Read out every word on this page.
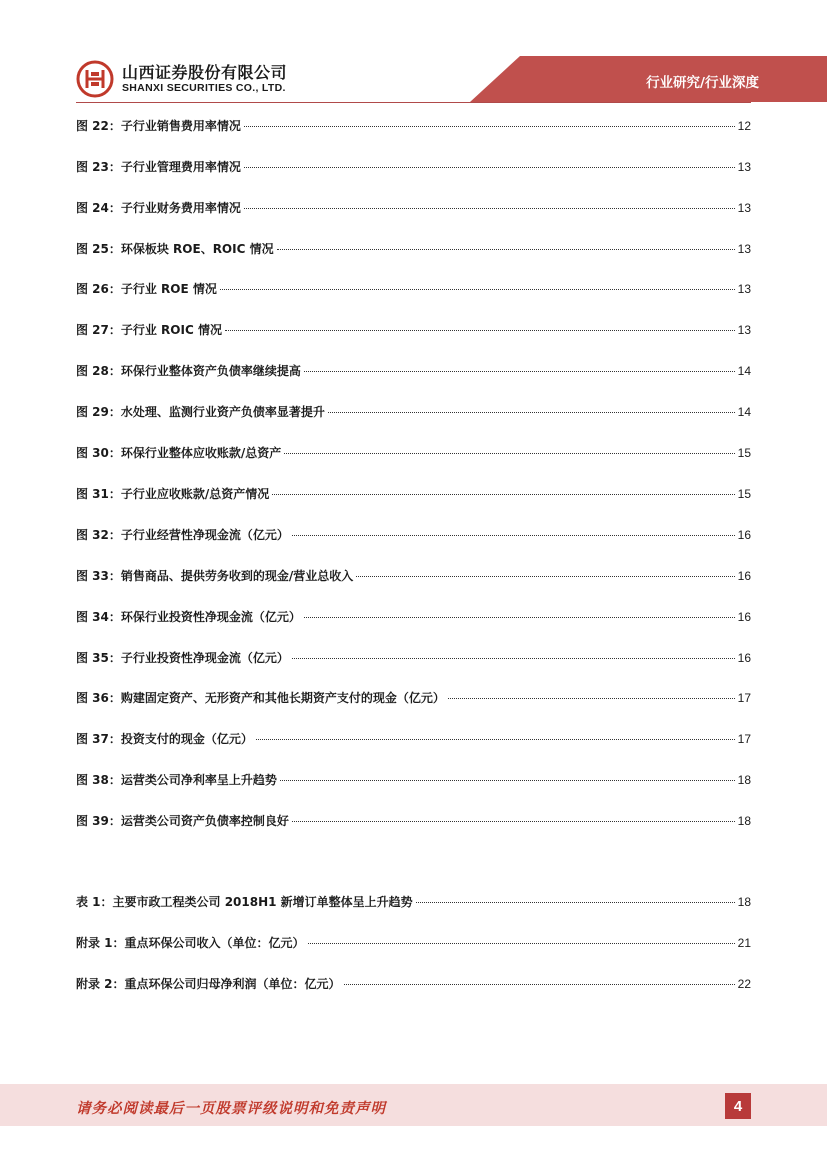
山西证券股份有限公司
SHANXI SECURITIES CO., LTD.	行业研究/行业深度
图 22：子行业销售费用率情况	12
图 23：子行业管理费用率情况	13
图 24：子行业财务费用率情况	13
图 25：环保板块 ROE、ROIC 情况	13
图 26：子行业 ROE 情况	13
图 27：子行业 ROIC 情况	13
图 28：环保行业整体资产负债率继续提高	14
图 29：水处理、监测行业资产负债率显著提升	14
图 30：环保行业整体应收账款/总资产	15
图 31：子行业应收账款/总资产情况	15
图 32：子行业经营性净现金流（亿元）	16
图 33：销售商品、提供劳务收到的现金/营业总收入	16
图 34：环保行业投资性净现金流（亿元）	16
图 35：子行业投资性净现金流（亿元）	16
图 36：购建固定资产、无形资产和其他长期资产支付的现金（亿元）	17
图 37：投资支付的现金（亿元）	17
图 38：运营类公司净利率呈上升趋势	18
图 39：运营类公司资产负债率控制良好	18
表 1：主要市政工程类公司 2018H1 新增订单整体呈上升趋势	18
附录 1：重点环保公司收入（单位：亿元）	21
附录 2：重点环保公司归母净利润（单位：亿元）	22
请务必阅读最后一页股票评级说明和免责声明	4
